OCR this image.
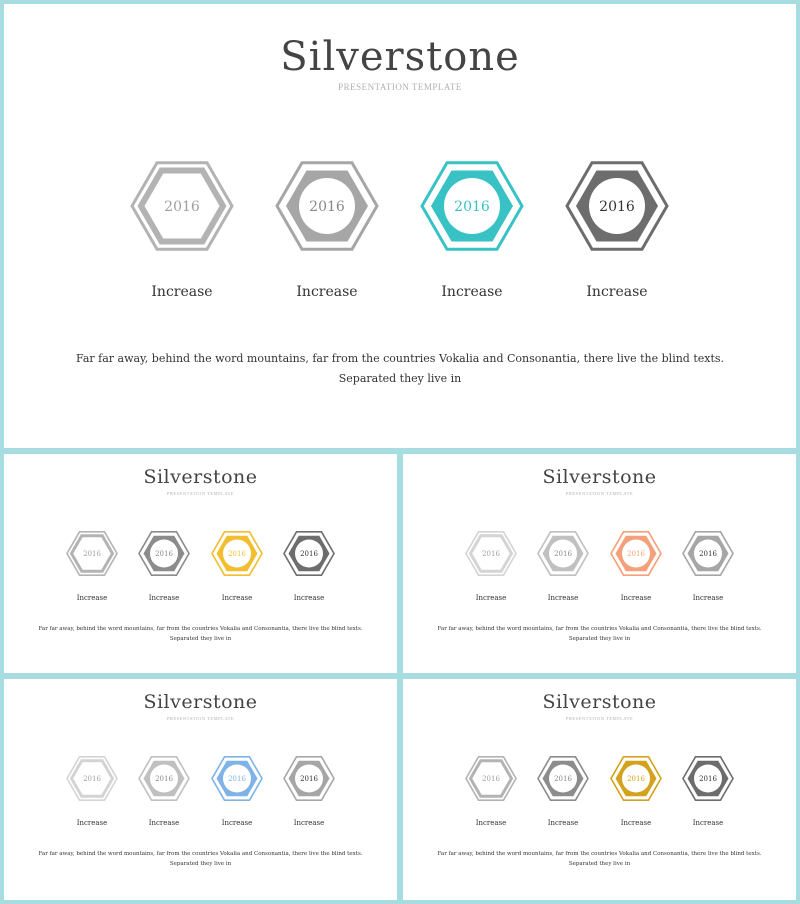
Silverstone
PRESENTATION TEMPLATE
2016
Increase
2016
Increase
2016
Increase
2016
Increase
Far far away, behind the word mountains, far from the countries Vokalia and Consonantia, there live the blind texts.
Separated they live in
Silverstone
PRESENTATION TEMPLATE
2016
Increase
2016
Increase
2016
Increase
2016
Increase
Far far away, behind the word mountains, far from the countries Vokalia and Consonantia, there live the blind texts.
Separated they live in
Silverstone
PRESENTATION TEMPLATE
2016
Increase
2016
Increase
2016
Increase
2016
Increase
Far far away, behind the word mountains, far from the countries Vokalia and Consonantia, there live the blind texts.
Separated they live in
Silverstone
PRESENTATION TEMPLATE
2016
Increase
2016
Increase
2016
Increase
2016
Increase
Far far away, behind the word mountains, far from the countries Vokalia and Consonantia, there live the blind texts.
Separated they live in
Silverstone
PRESENTATION TEMPLATE
2016
Increase
2016
Increase
2016
Increase
2016
Increase
Far far away, behind the word mountains, far from the countries Vokalia and Consonantia, there live the blind texts.
Separated they live in
